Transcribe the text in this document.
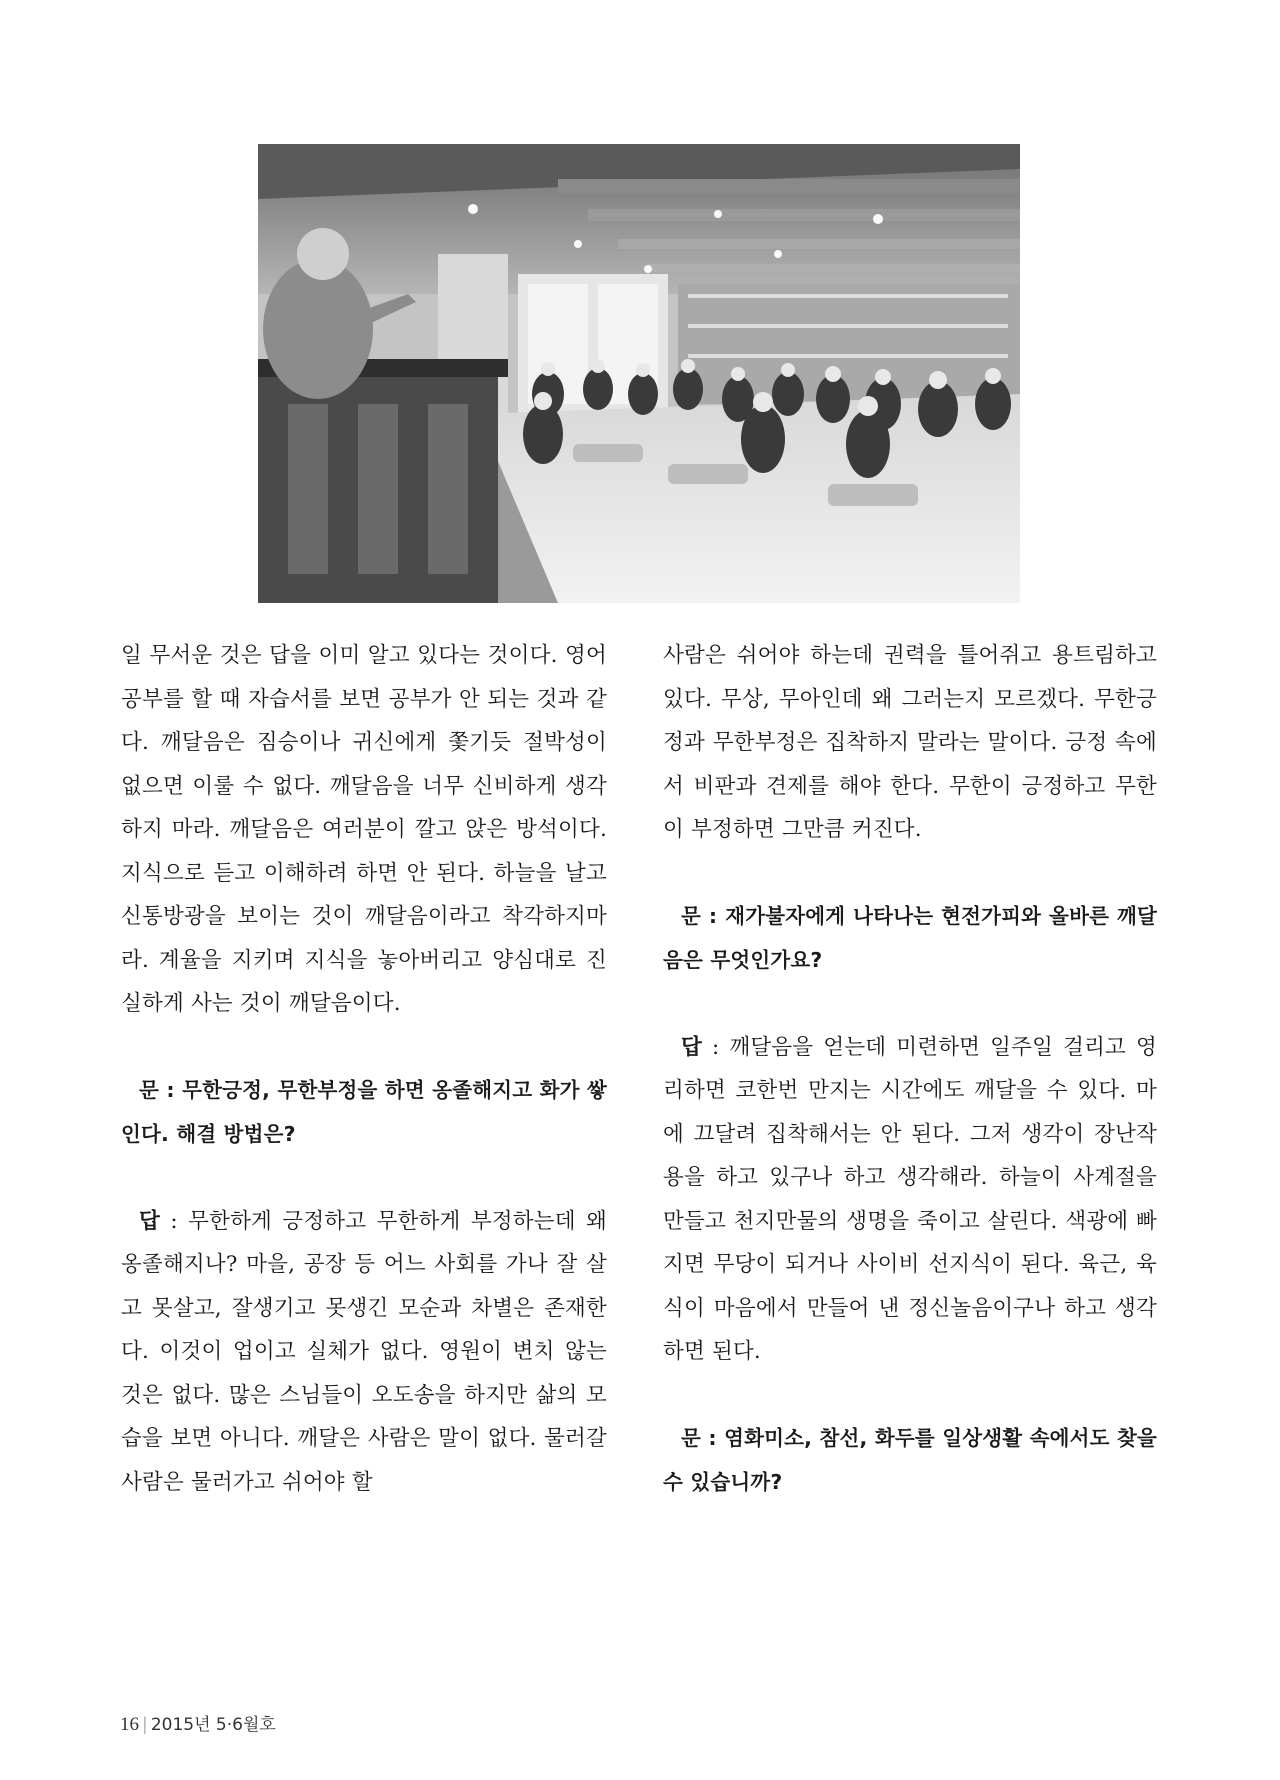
일 무서운 것은 답을 이미 알고 있다는 것이다. 영어 공부를 할 때 자습서를 보면 공부가 안 되는 것과 같다. 깨달음은 짐승이나 귀신에게 쫓기듯 절박성이 없으면 이룰 수 없다. 깨달음을 너무 신비하게 생각하지 마라. 깨달음은 여러분이 깔고 앉은 방석이다. 지식으로 듣고 이해하려 하면 안 된다. 하늘을 날고 신통방광을 보이는 것이 깨달음이라고 착각하지마라. 계율을 지키며 지식을 놓아버리고 양심대로 진실하게 사는 것이 깨달음이다.

문 : 무한긍정, 무한부정을 하면 옹졸해지고 화가 쌓인다. 해결 방법은?

답 : 무한하게 긍정하고 무한하게 부정하는데 왜 옹졸해지나? 마을, 공장 등 어느 사회를 가나 잘 살고 못살고, 잘생기고 못생긴 모순과 차별은 존재한다. 이것이 업이고 실체가 없다. 영원이 변치 않는 것은 없다. 많은 스님들이 오도송을 하지만 삶의 모습을 보면 아니다. 깨달은 사람은 말이 없다. 물러갈 사람은 물러가고 쉬어야 할

사람은 쉬어야 하는데 권력을 틀어쥐고 용트림하고 있다. 무상, 무아인데 왜 그러는지 모르겠다. 무한긍정과 무한부정은 집착하지 말라는 말이다. 긍정 속에서 비판과 견제를 해야 한다. 무한이 긍정하고 무한이 부정하면 그만큼 커진다.

문 : 재가불자에게 나타나는 현전가피와 올바른 깨달음은 무엇인가요?

답 : 깨달음을 얻는데 미련하면 일주일 걸리고 영리하면 코한번 만지는 시간에도 깨달을 수 있다. 마에 끄달려 집착해서는 안 된다. 그저 생각이 장난작용을 하고 있구나 하고 생각해라. 하늘이 사계절을 만들고 천지만물의 생명을 죽이고 살린다. 색광에 빠지면 무당이 되거나 사이비 선지식이 된다. 육근, 육식이 마음에서 만들어 낸 정신놀음이구나 하고 생각하면 된다.

문 : 염화미소, 참선, 화두를 일상생활 속에서도 찾을 수 있습니까?

16 | 2015년 5·6월호
